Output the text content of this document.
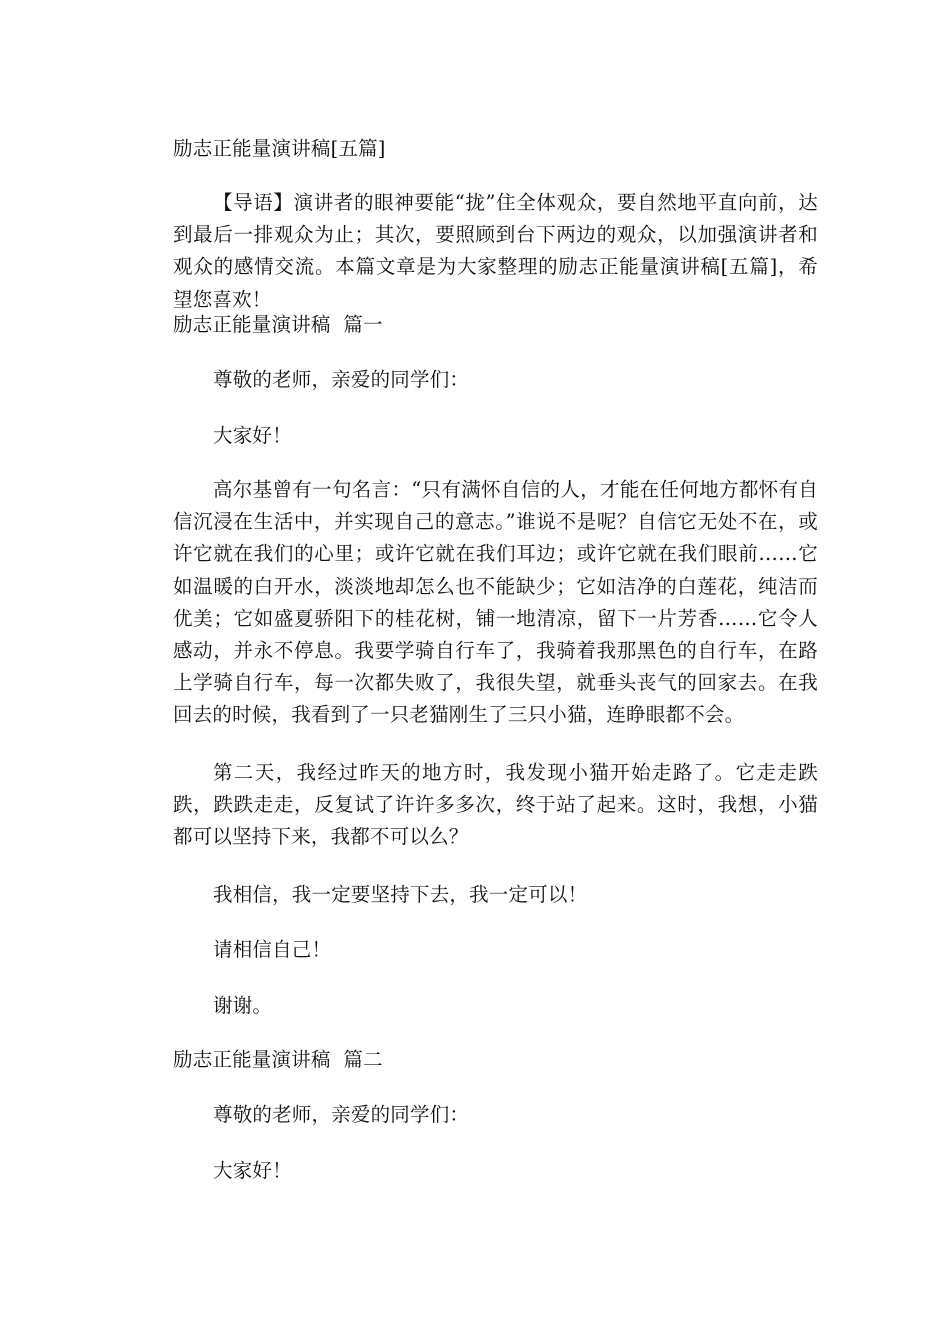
励志正能量演讲稿[五篇]
【导语】演讲者的眼神要能“拢”住全体观众，要自然地平直向前，达到最后一排观众为止；其次，要照顾到台下两边的观众，以加强演讲者和观众的感情交流。本篇文章是为大家整理的励志正能量演讲稿[五篇]，希望您喜欢！
励志正能量演讲稿  篇一
尊敬的老师，亲爱的同学们：
大家好！
高尔基曾有一句名言：“只有满怀自信的人，才能在任何地方都怀有自信沉浸在生活中，并实现自己的意志。”谁说不是呢？自信它无处不在，或许它就在我们的心里；或许它就在我们耳边；或许它就在我们眼前……它如温暖的白开水，淡淡地却怎么也不能缺少；它如洁净的白莲花，纯洁而优美；它如盛夏骄阳下的桂花树，铺一地清凉，留下一片芳香……它令人感动，并永不停息。我要学骑自行车了，我骑着我那黑色的自行车，在路上学骑自行车，每一次都失败了，我很失望，就垂头丧气的回家去。在我回去的时候，我看到了一只老猫刚生了三只小猫，连睁眼都不会。
第二天，我经过昨天的地方时，我发现小猫开始走路了。它走走跌跌，跌跌走走，反复试了许许多多次，终于站了起来。这时，我想，小猫都可以坚持下来，我都不可以么？
我相信，我一定要坚持下去，我一定可以！
请相信自己！
谢谢。
励志正能量演讲稿  篇二
尊敬的老师，亲爱的同学们：
大家好！
